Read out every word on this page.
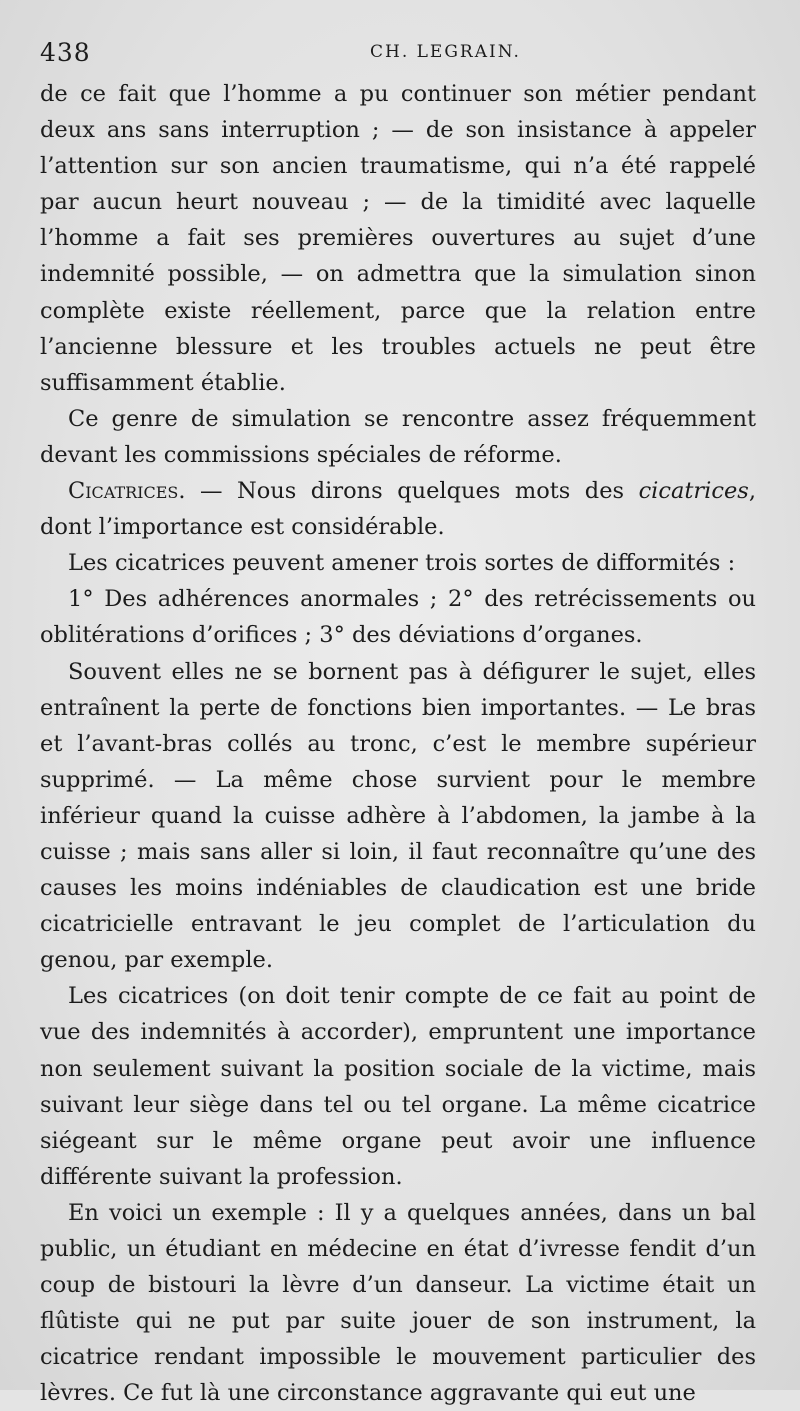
438	CH. LEGRAIN.

de ce fait que l’homme a pu continuer son métier pendant deux ans sans interruption ; — de son insistance à appeler l’attention sur son ancien traumatisme, qui n’a été rappelé par aucun heurt nouveau ; — de la timidité avec laquelle l’homme a fait ses premières ouvertures au sujet d’une indemnité possible, — on admettra que la simulation sinon complète existe réellement, parce que la relation entre l’ancienne blessure et les troubles actuels ne peut être suffisamment établie.

Ce genre de simulation se rencontre assez fréquemment devant les commissions spéciales de réforme.

Cicatrices. — Nous dirons quelques mots des cicatrices, dont l’importance est considérable.

Les cicatrices peuvent amener trois sortes de difformités :

1° Des adhérences anormales ; 2° des retrécissements ou oblitérations d’orifices ; 3° des déviations d’organes.

Souvent elles ne se bornent pas à défigurer le sujet, elles entraînent la perte de fonctions bien importantes. — Le bras et l’avant-bras collés au tronc, c’est le membre supérieur supprimé. — La même chose survient pour le membre inférieur quand la cuisse adhère à l’abdomen, la jambe à la cuisse ; mais sans aller si loin, il faut reconnaître qu’une des causes les moins indéniables de claudication est une bride cicatricielle entravant le jeu complet de l’articulation du genou, par exemple.

Les cicatrices (on doit tenir compte de ce fait au point de vue des indemnités à accorder), empruntent une importance non seulement suivant la position sociale de la victime, mais suivant leur siège dans tel ou tel organe. La même cicatrice siégeant sur le même organe peut avoir une influence différente suivant la profession.

En voici un exemple : Il y a quelques années, dans un bal public, un étudiant en médecine en état d’ivresse fendit d’un coup de bistouri la lèvre d’un danseur. La victime était un flûtiste qui ne put par suite jouer de son instrument, la cicatrice rendant impossible le mouvement particulier des lèvres. Ce fut là une circonstance aggravante qui eut une
